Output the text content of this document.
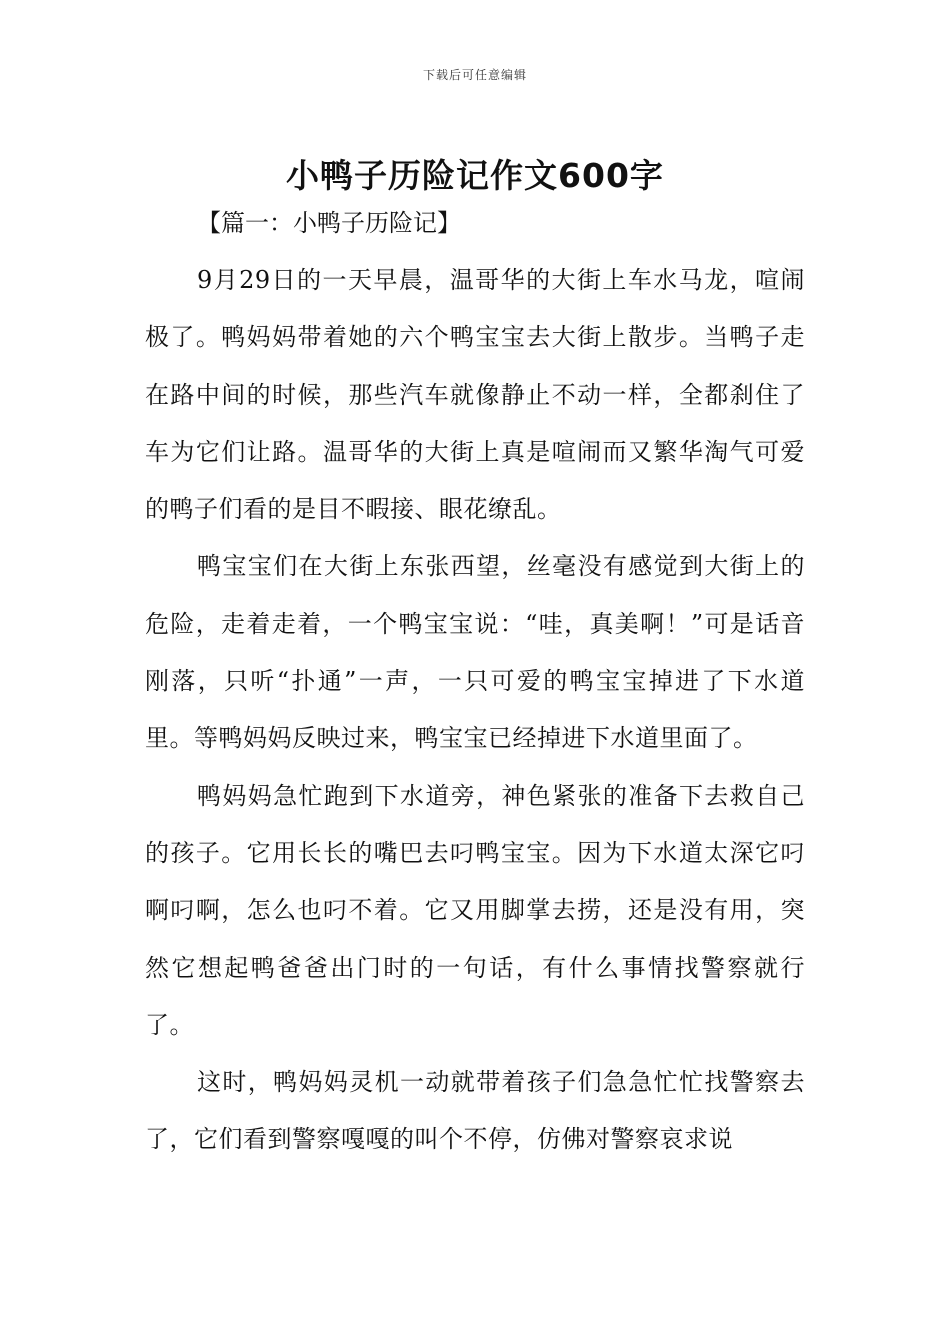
下载后可任意编辑
小鸭子历险记作文600字

【篇一：小鸭子历险记】

9月29日的一天早晨，温哥华的大街上车水马龙，喧闹极了。鸭妈妈带着她的六个鸭宝宝去大街上散步。当鸭子走在路中间的时候，那些汽车就像静止不动一样，全都刹住了车为它们让路。温哥华的大街上真是喧闹而又繁华淘气可爱的鸭子们看的是目不暇接、眼花缭乱。

鸭宝宝们在大街上东张西望，丝毫没有感觉到大街上的危险，走着走着，一个鸭宝宝说：“哇，真美啊！”可是话音刚落，只听“扑通”一声，一只可爱的鸭宝宝掉进了下水道里。等鸭妈妈反映过来，鸭宝宝已经掉进下水道里面了。

鸭妈妈急忙跑到下水道旁，神色紧张的准备下去救自己的孩子。它用长长的嘴巴去叼鸭宝宝。因为下水道太深它叼啊叼啊，怎么也叼不着。它又用脚掌去捞，还是没有用，突然它想起鸭爸爸出门时的一句话，有什么事情找警察就行了。

这时，鸭妈妈灵机一动就带着孩子们急急忙忙找警察去了，它们看到警察嘎嘎的叫个不停，仿佛对警察哀求说
